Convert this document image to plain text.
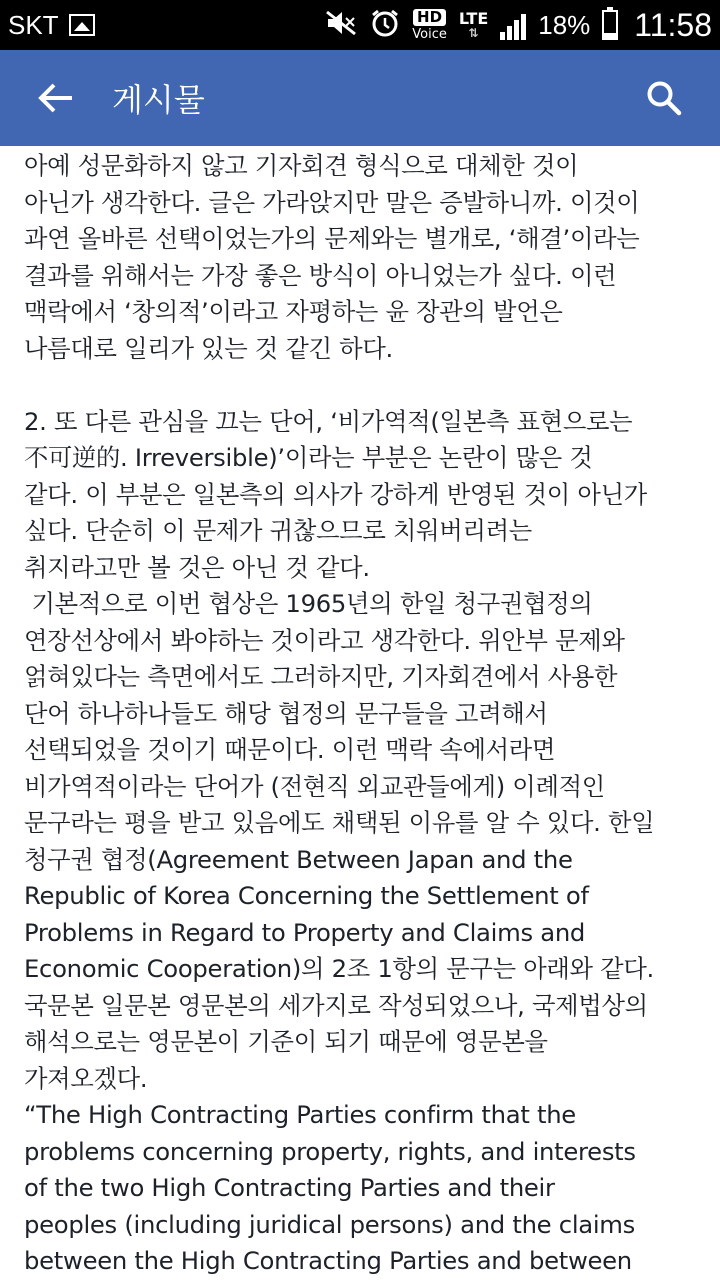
SKT	HD
Voice
LTE
⇅ 18% 11:58
게시물

아예 성문화하지 않고 기자회견 형식으로 대체한 것이

아닌가 생각한다. 글은 가라앉지만 말은 증발하니까. 이것이

과연 올바른 선택이었는가의 문제와는 별개로, ‘해결’이라는

결과를 위해서는 가장 좋은 방식이 아니었는가 싶다. 이런

맥락에서 ‘창의적’이라고 자평하는 윤 장관의 발언은

나름대로 일리가 있는 것 같긴 하다.

2. 또 다른 관심을 끄는 단어, ‘비가역적(일본측 표현으로는

不可逆的. Irreversible)’이라는 부분은 논란이 많은 것

같다. 이 부분은 일본측의 의사가 강하게 반영된 것이 아닌가

싶다. 단순히 이 문제가 귀찮으므로 치워버리려는

취지라고만 볼 것은 아닌 것 같다.

기본적으로 이번 협상은 1965년의 한일 청구권협정의

연장선상에서 봐야하는 것이라고 생각한다. 위안부 문제와

얽혀있다는 측면에서도 그러하지만, 기자회견에서 사용한

단어 하나하나들도 해당 협정의 문구들을 고려해서

선택되었을 것이기 때문이다. 이런 맥락 속에서라면

비가역적이라는 단어가 (전현직 외교관들에게) 이례적인

문구라는 평을 받고 있음에도 채택된 이유를 알 수 있다. 한일

청구권 협정(Agreement Between Japan and the

Republic of Korea Concerning the Settlement of

Problems in Regard to Property and Claims and

Economic Cooperation)의 2조 1항의 문구는 아래와 같다.

국문본 일문본 영문본의 세가지로 작성되었으나, 국제법상의

해석으로는 영문본이 기준이 되기 때문에 영문본을

가져오겠다.

“The High Contracting Parties confirm that the

problems concerning property, rights, and interests

of the two High Contracting Parties and their

peoples (including juridical persons) and the claims

between the High Contracting Parties and between
